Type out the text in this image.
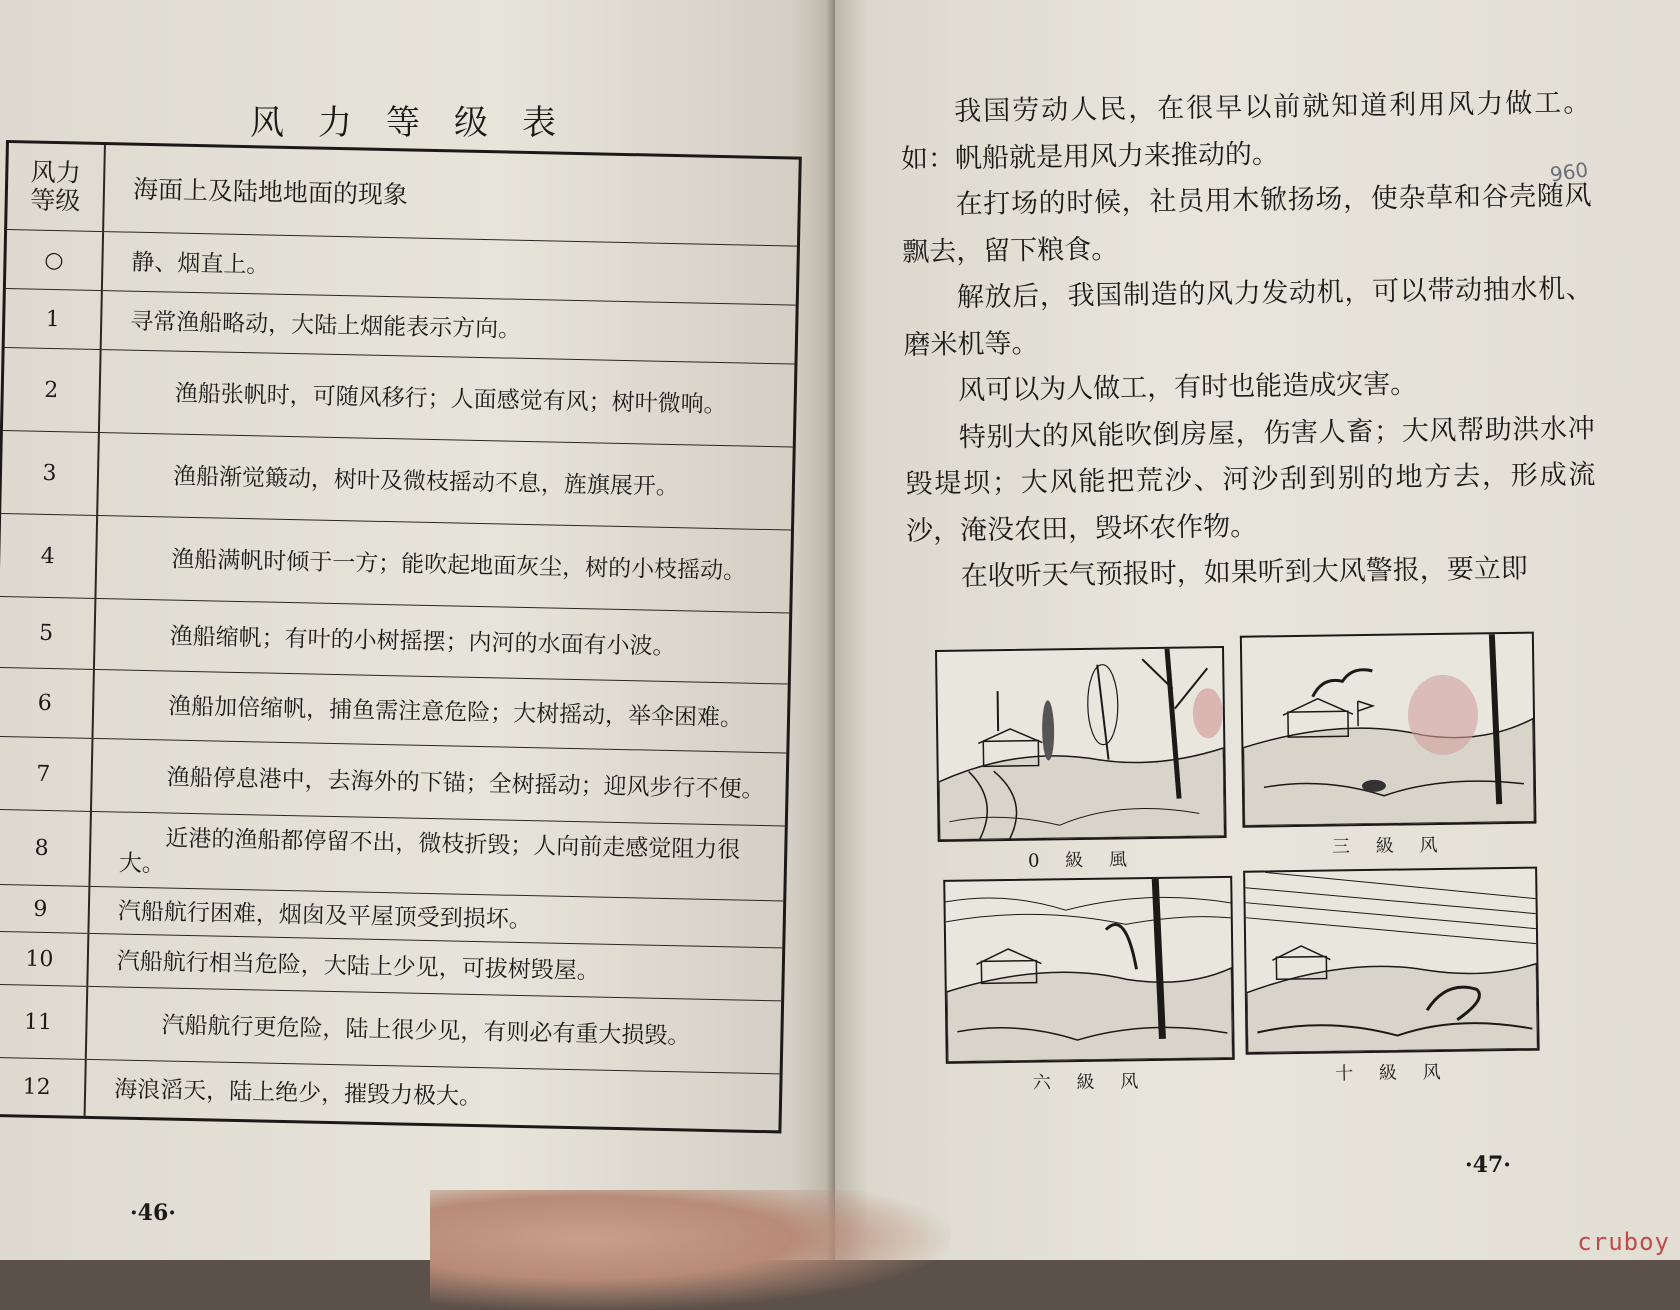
风力等级表
风力等级	海面上及陆地地面的现象
○	静、烟直上。
1	寻常渔船略动，大陆上烟能表示方向。
2	渔船张帆时，可随风移行；人面感觉有风；树叶微响。
3	渔船渐觉簸动，树叶及微枝摇动不息，旌旗展开。
4	渔船满帆时倾于一方；能吹起地面灰尘，树的小枝摇动。
5	渔船缩帆；有叶的小树摇摆；内河的水面有小波。
6	渔船加倍缩帆，捕鱼需注意危险；大树摇动，举伞困难。
7	渔船停息港中，去海外的下锚；全树摇动；迎风步行不便。
8	近港的渔船都停留不出，微枝折毁；人向前走感觉阻力很大。
9	汽船航行困难，烟囱及平屋顶受到损坏。
10	汽船航行相当危险，大陆上少见，可拔树毁屋。
11	汽船航行更危险，陆上很少见，有则必有重大损毁。
12	海浪滔天，陆上绝少，摧毁力极大。
·46·

我国劳动人民，在很早以前就知道利用风力做工。如：帆船就是用风力来推动的。

在打场的时候，社员用木锨扬场，使杂草和谷壳随风飘去，留下粮食。

解放后，我国制造的风力发动机，可以带动抽水机、磨米机等。

风可以为人做工，有时也能造成灾害。

特别大的风能吹倒房屋，伤害人畜；大风帮助洪水冲毁堤坝；大风能把荒沙、河沙刮到别的地方去，形成流沙，淹没农田，毁坏农作物。

在收听天气预报时，如果听到大风警报，要立即

960
0 級 風
三 級 风
六 級 风	十 級 风
·47·
cruboy
